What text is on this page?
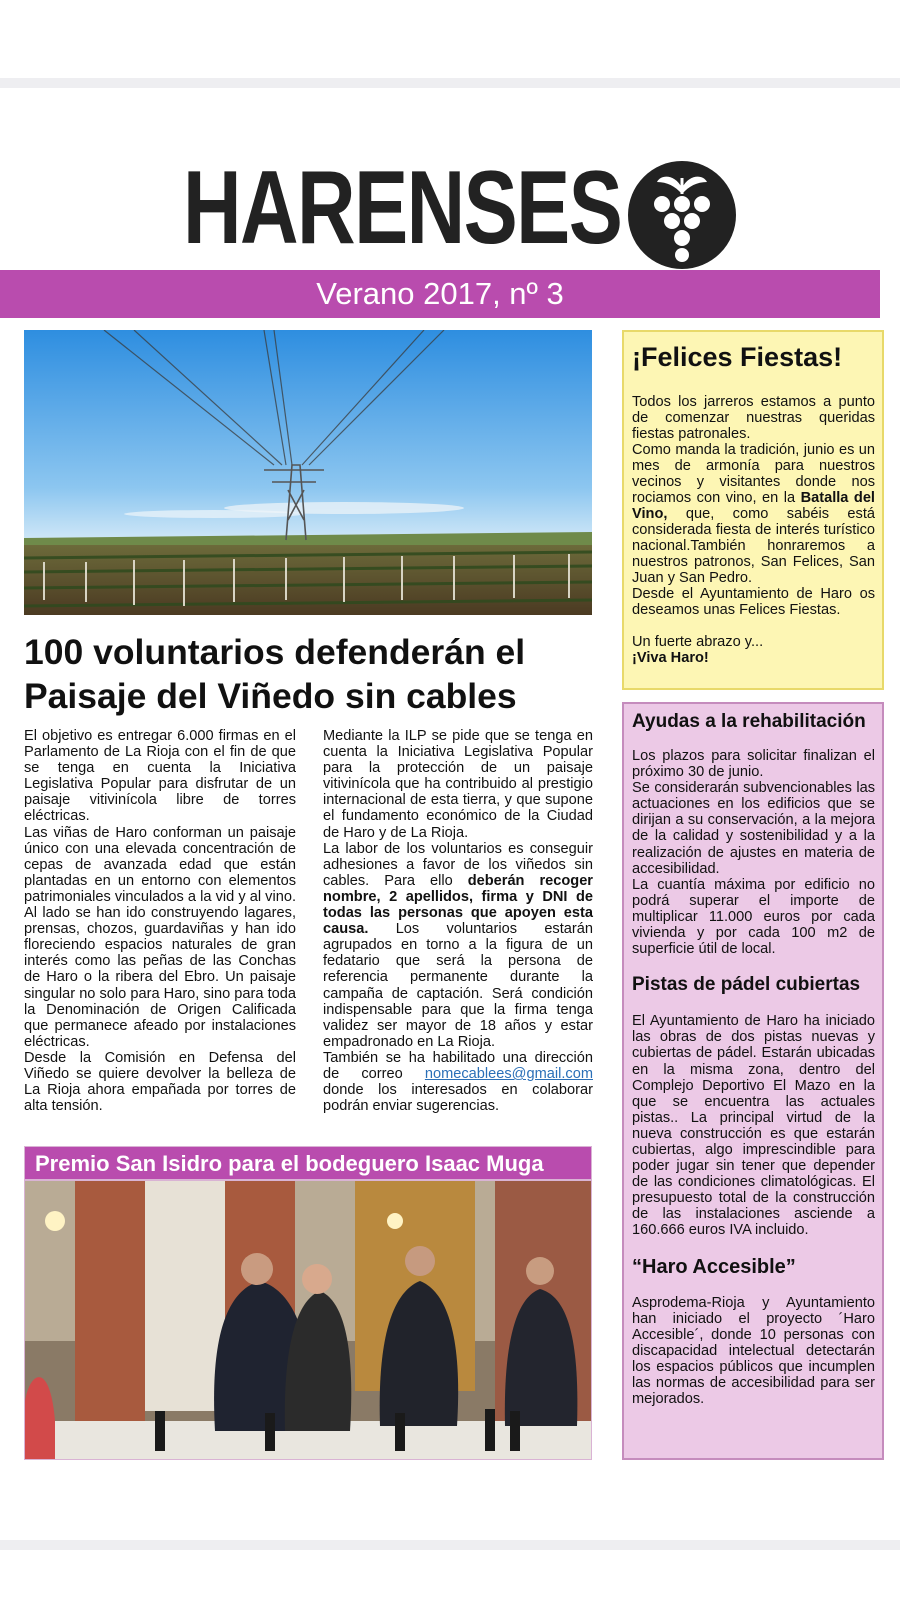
HARENSES
Verano 2017, nº 3
100 voluntarios defenderán el Paisaje del Viñedo sin cables

El objetivo es entregar 6.000 firmas en el Parlamento de La Rioja con el fin de que se tenga en cuenta la Iniciativa Legislativa Popular para disfrutar de un paisaje vitivinícola libre de torres eléctricas.

Las viñas de Haro conforman un paisaje único con una elevada concentración de cepas de avanzada edad que están plantadas en un entorno con elementos patrimoniales vinculados a la vid y al vino. Al lado se han ido construyendo lagares, prensas, chozos, guardaviñas y han ido floreciendo espacios naturales de gran interés como las peñas de las Conchas de Haro o la ribera del Ebro. Un paisaje singular no solo para Haro, sino para toda la Denominación de Origen Calificada que permanece afeado por instalaciones eléctricas.

Desde la Comisión en Defensa del Viñedo se quiere devolver la belleza de La Rioja ahora empañada por torres de alta tensión.

Mediante la ILP se pide que se tenga en cuenta la Iniciativa Legislativa Popular para la protección de un paisaje vitivinícola que ha contribuido al prestigio internacional de esta tierra, y que supone el fundamento económico de la Ciudad de Haro y de La Rioja.

La labor de los voluntarios es conseguir adhesiones a favor de los viñedos sin cables. Para ello deberán recoger nombre, 2 apellidos, firma y DNI de todas las personas que apoyen esta causa. Los voluntarios estarán agrupados en torno a la figura de un fedatario que será la persona de referencia permanente durante la campaña de captación. Será condición indispensable para que la firma tenga validez ser mayor de 18 años y estar empadronado en La Rioja.

También se ha habilitado una dirección de correo nomecablees@gmail.com donde los interesados en colaborar podrán enviar sugerencias.

Premio San Isidro para el bodeguero Isaac Muga
¡Felices Fiestas!

Todos los jarreros estamos a punto de comenzar nuestras queridas fiestas patronales.

Como manda la tradición, junio es un mes de armonía para nuestros vecinos y visitantes donde nos rociamos con vino, en la Batalla del Vino, que, como sabéis está considerada fiesta de interés turístico nacional.También honraremos a nuestros patronos, San Felices, San Juan y San Pedro.

Desde el Ayuntamiento de Haro os deseamos unas Felices Fiestas.

Un fuerte abrazo y...

¡Viva Haro!

Ayudas a la rehabilitación

Los plazos para solicitar finalizan el próximo 30 de junio.

Se considerarán subvencionables las actuaciones en los edificios que se dirijan a su conservación, a la mejora de la calidad y sostenibilidad y a la realización de ajustes en materia de accesibilidad.

La cuantía máxima por edificio no podrá superar el importe de multiplicar 11.000 euros por cada vivienda y por cada 100 m2 de superficie útil de local.

Pistas de pádel cubiertas

El Ayuntamiento de Haro ha iniciado las obras de dos pistas nuevas y cubiertas de pádel. Estarán ubicadas en la misma zona, dentro del Complejo Deportivo El Mazo en la que se encuentra las actuales pistas.. La principal virtud de la nueva construcción es que estarán cubiertas, algo imprescindible para poder jugar sin tener que depender de las condiciones climatológicas. El presupuesto total de la construcción de las instalaciones asciende a 160.666 euros IVA incluido.

“Haro Accesible”

Asprodema-Rioja y Ayuntamiento han iniciado el proyecto ´Haro Accesible´, donde 10 personas con discapacidad intelectual detectarán los espacios públicos que incumplen las normas de accesibilidad para ser mejorados.
